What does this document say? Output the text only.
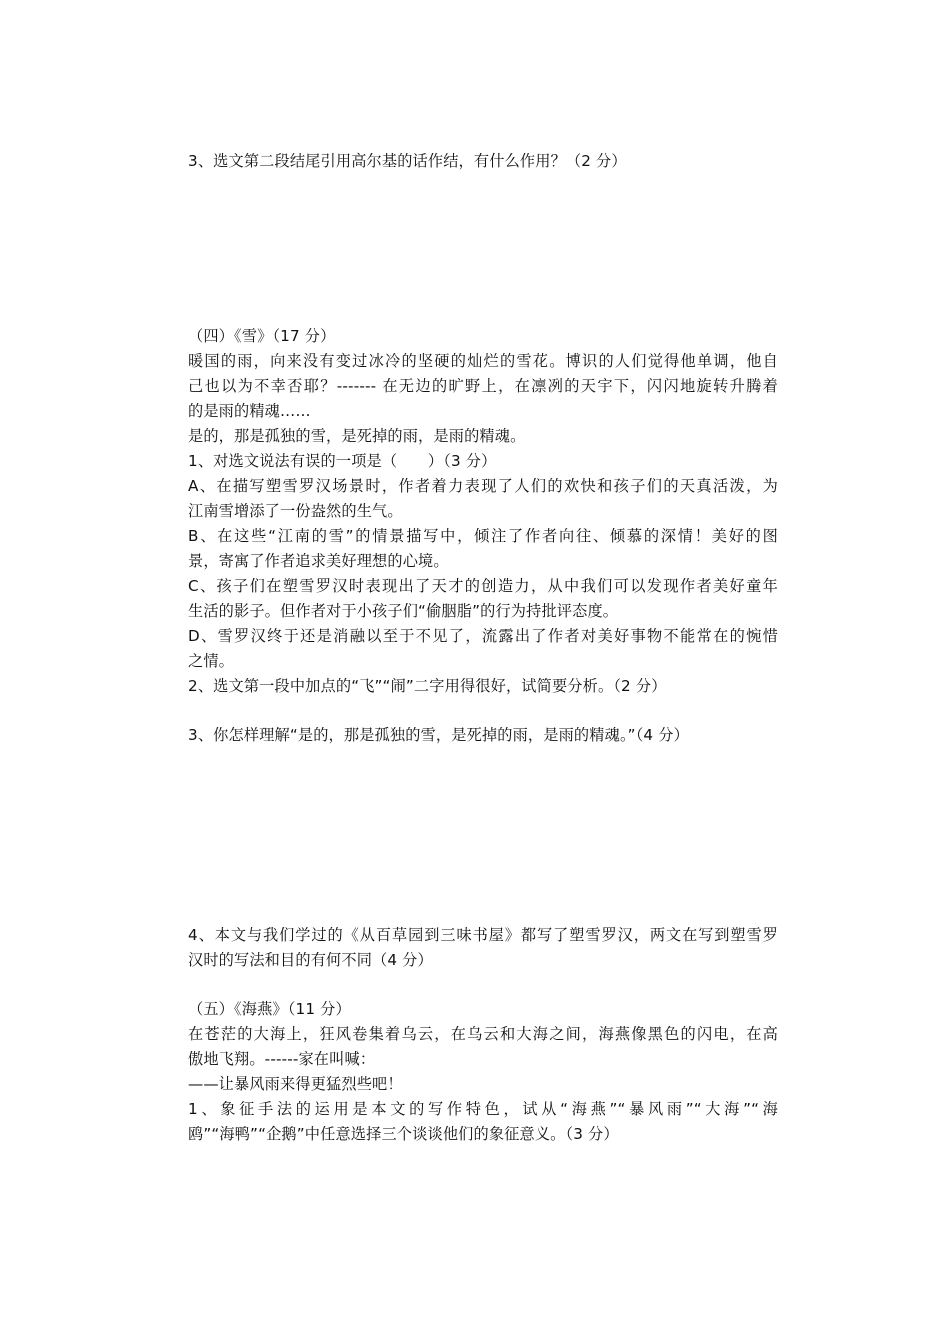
3、选文第二段结尾引用高尔基的话作结，有什么作用？（2 分）
（四）《雪》（17 分）
暖国的雨，向来没有变过冰冷的坚硬的灿烂的雪花。博识的人们觉得他单调，他自
己也以为不幸否耶？------- 在无边的旷野上，在凛冽的天宇下，闪闪地旋转升腾着
的是雨的精魂……
是的，那是孤独的雪，是死掉的雨，是雨的精魂。
1、对选文说法有误的一项是（　　）（3 分）
A、在描写塑雪罗汉场景时，作者着力表现了人们的欢快和孩子们的天真活泼，为
江南雪增添了一份盎然的生气。
B、在这些“江南的雪”的情景描写中，倾注了作者向往、倾慕的深情！美好的图
景，寄寓了作者追求美好理想的心境。
C、孩子们在塑雪罗汉时表现出了天才的创造力，从中我们可以发现作者美好童年
生活的影子。但作者对于小孩子们“偷胭脂”的行为持批评态度。
D、雪罗汉终于还是消融以至于不见了，流露出了作者对美好事物不能常在的惋惜
之情。
2、选文第一段中加点的“飞”“闹”二字用得很好，试简要分析。（2 分）
3、你怎样理解“是的，那是孤独的雪，是死掉的雨，是雨的精魂。”（4 分）
4、本文与我们学过的《从百草园到三味书屋》都写了塑雪罗汉，两文在写到塑雪罗
汉时的写法和目的有何不同（4 分）
（五）《海燕》（11 分）
在苍茫的大海上，狂风卷集着乌云，在乌云和大海之间，海燕像黑色的闪电，在高
傲地飞翔。------家在叫喊：
——让暴风雨来得更猛烈些吧！
1、象征手法的运用是本文的写作特色，试从“海燕”“暴风雨”“大海”“海
鸥”“海鸭”“企鹅”中任意选择三个谈谈他们的象征意义。（3 分）
